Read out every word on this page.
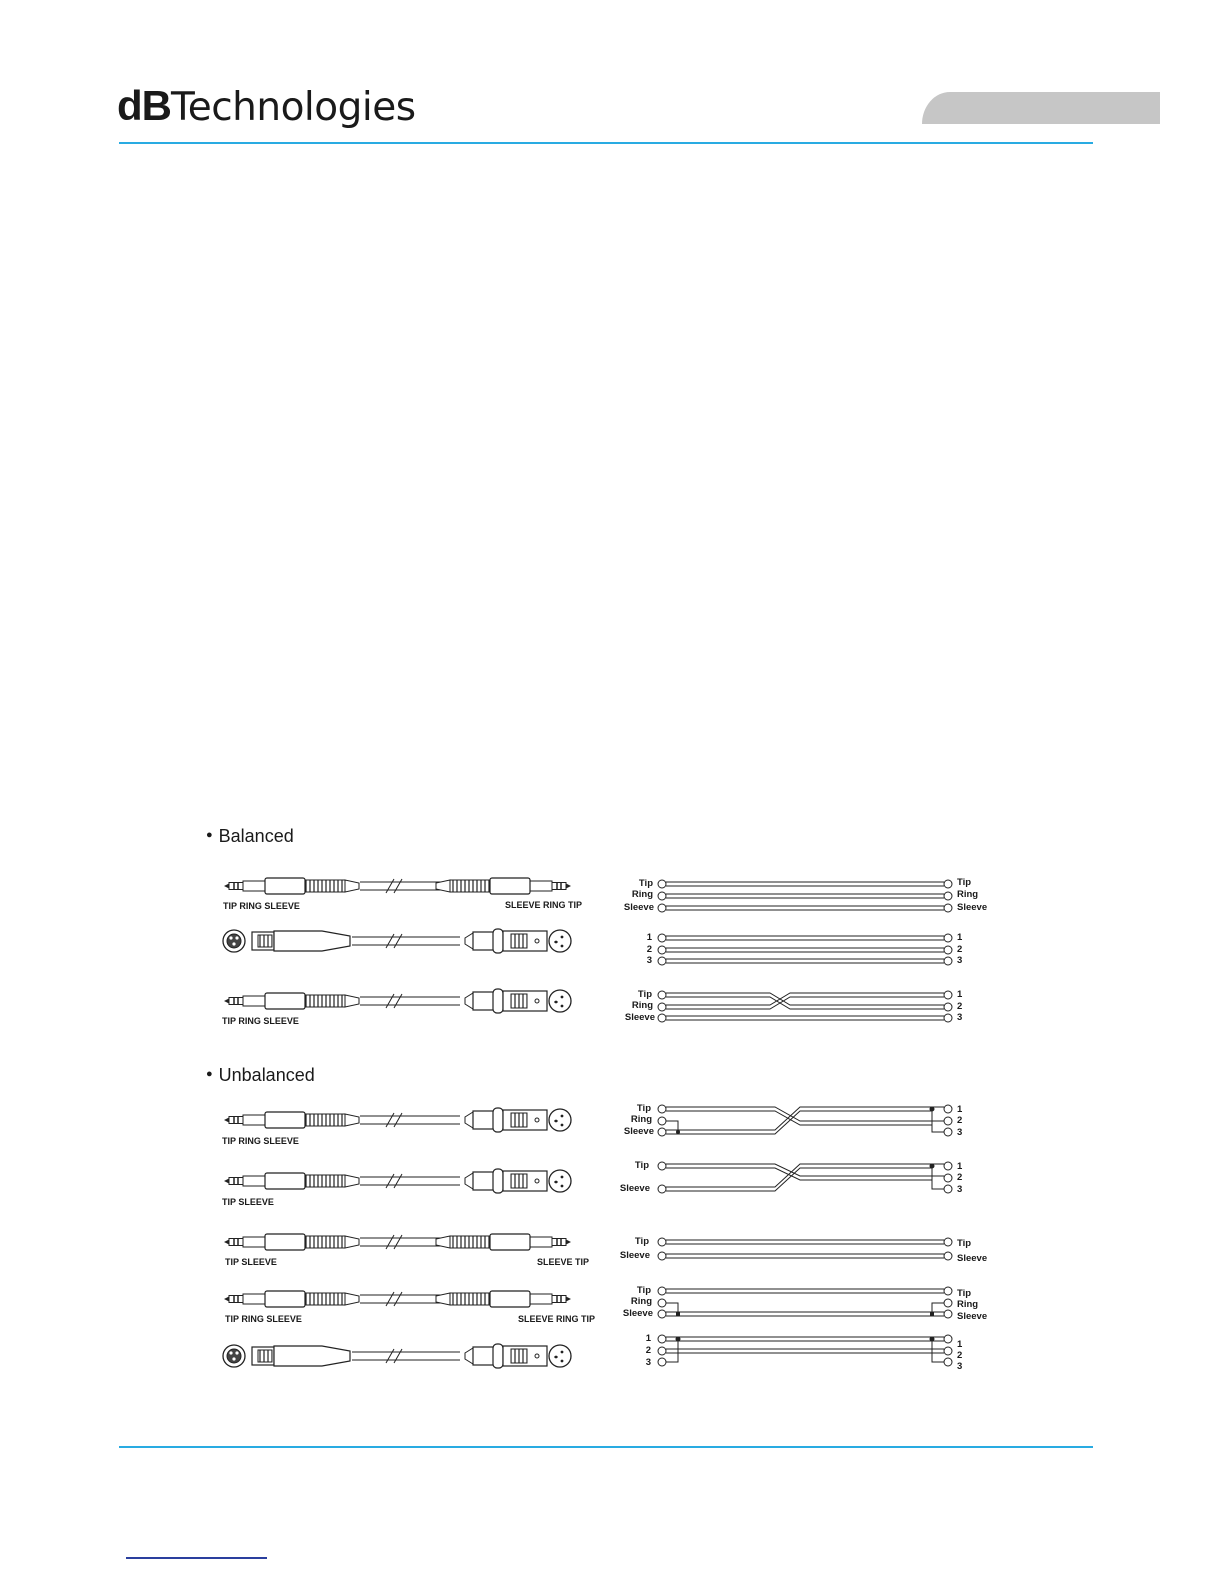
dBTechnologies
● Balanced
● Unbalanced
TIP RING SLEEVE	SLEEVE RING TIP
TIP RING SLEEVE
TIP RING SLEEVE
TIP SLEEVE
TIP SLEEVE	SLEEVE TIP
TIP RING SLEEVE	SLEEVE RING TIP
Tip
Ring
Sleeve
Tip
Ring
Sleeve
1
2
3
1
2
3
Tip
Ring
Sleeve
1
2
3
Tip
Ring
Sleeve
1
2
3
Tip
Sleeve
1
2
3
Tip
Sleeve
Tip
Sleeve
Tip
Ring
Sleeve
Tip
Ring
Sleeve
1
2
3
1
2
3
